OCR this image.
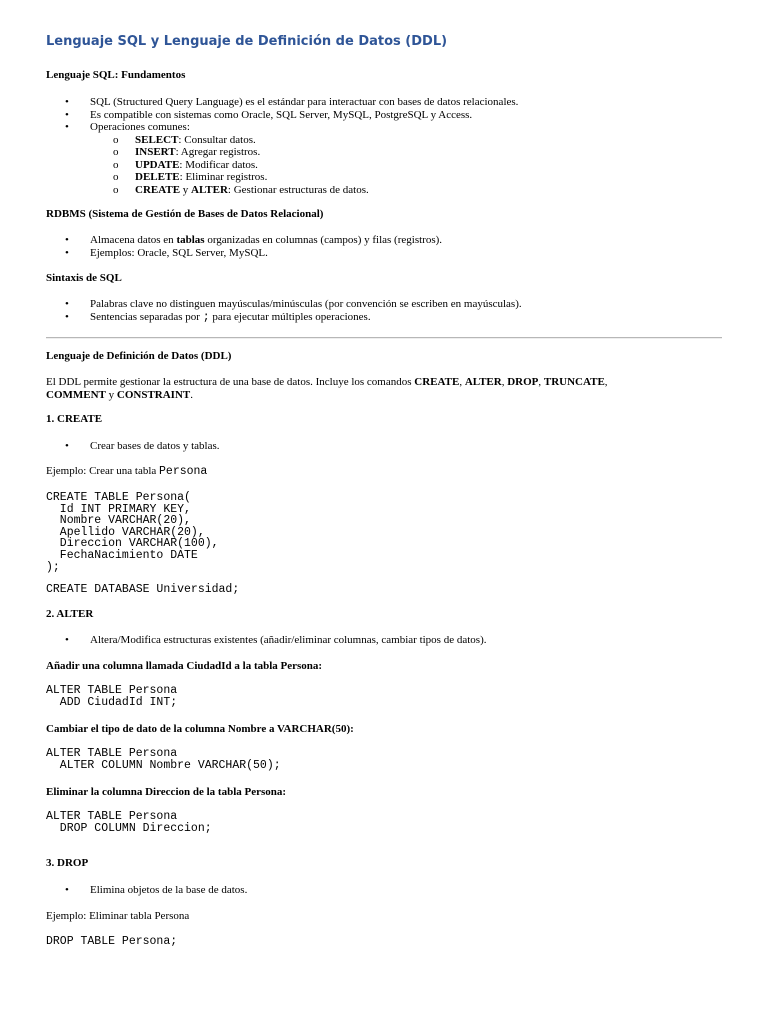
Lenguaje SQL y Lenguaje de Definición de Datos (DDL)

Lenguaje SQL: Fundamentos

• SQL (Structured Query Language) es el estándar para interactuar con bases de datos relacionales.
• Es compatible con sistemas como Oracle, SQL Server, MySQL, PostgreSQL y Access.
• Operaciones comunes:
o SELECT: Consultar datos.
o INSERT: Agregar registros.
o UPDATE: Modificar datos.
o DELETE: Eliminar registros.
o CREATE y ALTER: Gestionar estructuras de datos.

RDBMS (Sistema de Gestión de Bases de Datos Relacional)

• Almacena datos en tablas organizadas en columnas (campos) y filas (registros).
• Ejemplos: Oracle, SQL Server, MySQL.

Sintaxis de SQL

• Palabras clave no distinguen mayúsculas/minúsculas (por convención se escriben en mayúsculas).
• Sentencias separadas por ; para ejecutar múltiples operaciones.

Lenguaje de Definición de Datos (DDL)

El DDL permite gestionar la estructura de una base de datos. Incluye los comandos CREATE, ALTER, DROP, TRUNCATE,
COMMENT y CONSTRAINT.

1. CREATE

• Crear bases de datos y tablas.

Ejemplo: Crear una tabla Persona

CREATE TABLE Persona(
Id INT PRIMARY KEY,
Nombre VARCHAR(20),
Apellido VARCHAR(20),
Direccion VARCHAR(100),
FechaNacimiento DATE
);
CREATE DATABASE Universidad;

2. ALTER

• Altera/Modifica estructuras existentes (añadir/eliminar columnas, cambiar tipos de datos).

Añadir una columna llamada CiudadId a la tabla Persona:

ALTER TABLE Persona
ADD CiudadId INT;

Cambiar el tipo de dato de la columna Nombre a VARCHAR(50):

ALTER TABLE Persona
ALTER COLUMN Nombre VARCHAR(50);

Eliminar la columna Direccion de la tabla Persona:

ALTER TABLE Persona
DROP COLUMN Direccion;

3. DROP

• Elimina objetos de la base de datos.

Ejemplo: Eliminar tabla Persona

DROP TABLE Persona;
